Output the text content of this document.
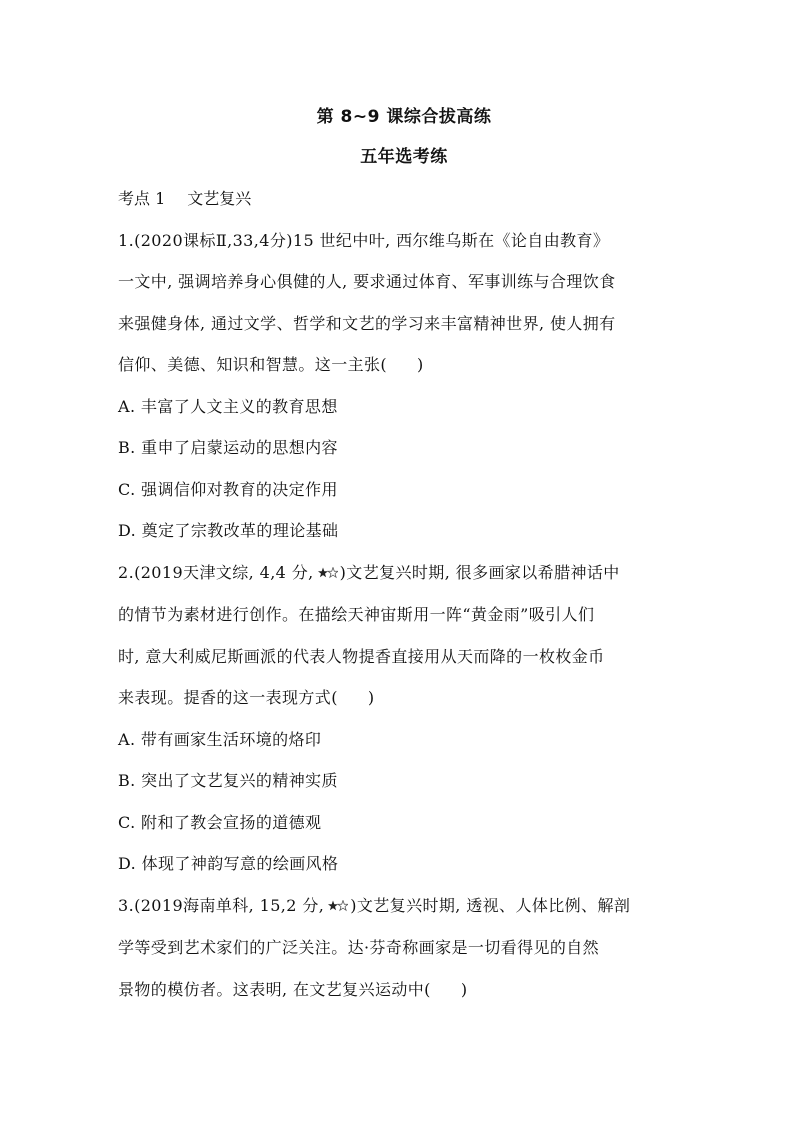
第 8~9 课综合拔高练
五年选考练
考点 1 文艺复兴
1.(2020课标Ⅱ,33,4分)15 世纪中叶, 西尔维乌斯在《论自由教育》
一文中, 强调培养身心俱健的人, 要求通过体育、军事训练与合理饮食
来强健身体, 通过文学、哲学和文艺的学习来丰富精神世界, 使人拥有
信仰、美德、知识和智慧。这一主张( )
A. 丰富了人文主义的教育思想
B. 重申了启蒙运动的思想内容
C. 强调信仰对教育的决定作用
D. 奠定了宗教改革的理论基础
2.(2019天津文综, 4,4 分, )文艺复兴时期, 很多画家以希腊神话中
的情节为素材进行创作。在描绘天神宙斯用一阵“黄金雨”吸引人们
时, 意大利威尼斯画派的代表人物提香直接用从天而降的一枚枚金币
来表现。提香的这一表现方式( )
A. 带有画家生活环境的烙印
B. 突出了文艺复兴的精神实质
C. 附和了教会宣扬的道德观
D. 体现了神韵写意的绘画风格
3.(2019海南单科, 15,2 分, )文艺复兴时期, 透视、人体比例、解剖
学等受到艺术家们的广泛关注。达·芬奇称画家是一切看得见的自然
景物的模仿者。这表明, 在文艺复兴运动中( )
